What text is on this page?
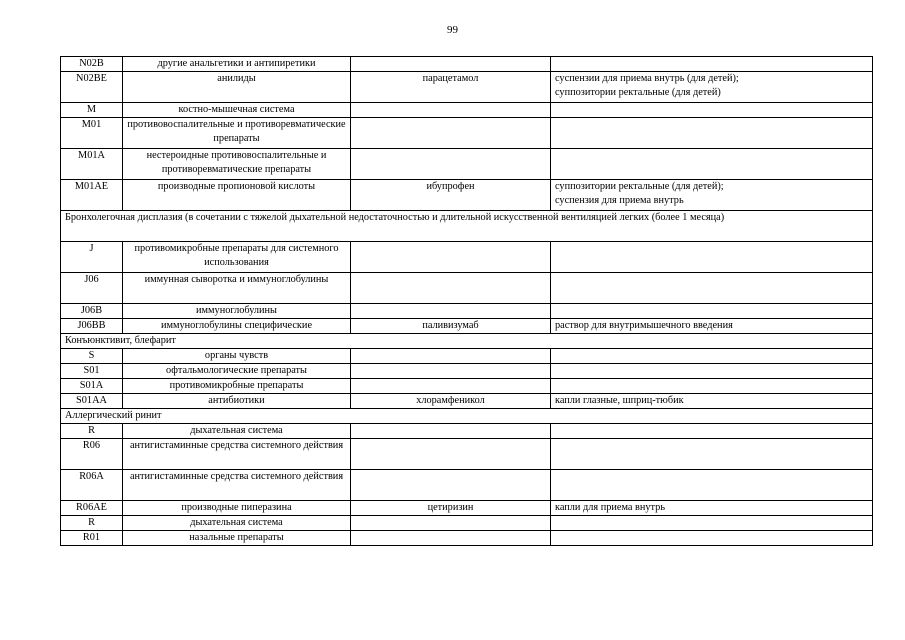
99
N02B	другие анальгетики и антипиретики		
N02BE	анилиды	парацетамол	суспензии для приема внутрь (для детей);
суппозитории ректальные (для детей)

M	костно-мышечная система		
M01	противовоспалительные и противоревматические препараты		
M01A	нестероидные противовоспалительные и противоревматические препараты		
M01AE	производные пропионовой кислоты	ибупрофен	суппозитории ректальные (для детей);
суспензия для приема внутрь

Бронхолегочная дисплазия (в сочетании с тяжелой дыхательной недостаточностью и длительной искусственной вентиляцией легких (более 1 месяца)			
J	противомикробные препараты для системного использования		
J06	иммунная сыворотка и иммуноглобулины		
J06B	иммуноглобулины		
J06BB	иммуноглобулины специфические	паливизумаб	раствор для внутримышечного введения

Конъюнктивит, блефарит			
S	органы чувств		
S01	офтальмологические препараты		
S01A	противомикробные препараты		
S01AA	антибиотики	хлорамфеникол	капли глазные, шприц-тюбик

Аллергический ринит			
R	дыхательная система		
R06	антигистаминные средства системного действия		
R06A	антигистаминные средства системного действия		
R06AE	производные пиперазина	цетиризин	капли для приема внутрь

R	дыхательная система		
R01	назальные препараты		
